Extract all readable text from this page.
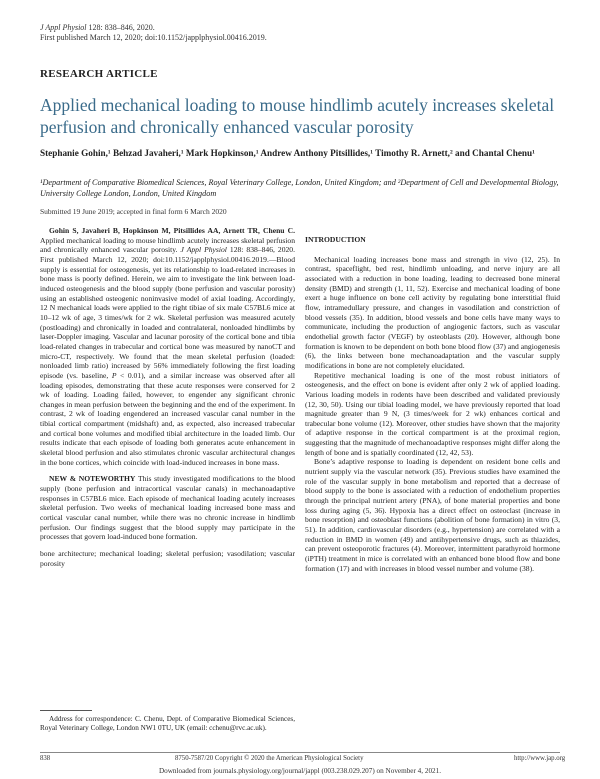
J Appl Physiol 128: 838–846, 2020.
First published March 12, 2020; doi:10.1152/japplphysiol.00416.2019.
RESEARCH ARTICLE
Applied mechanical loading to mouse hindlimb acutely increases skeletal perfusion and chronically enhanced vascular porosity
Stephanie Gohin,¹ Behzad Javaheri,¹ Mark Hopkinson,¹ Andrew Anthony Pitsillides,¹ Timothy R. Arnett,² and Chantal Chenu¹
¹Department of Comparative Biomedical Sciences, Royal Veterinary College, London, United Kingdom; and ²Department of Cell and Developmental Biology, University College London, London, United Kingdom
Submitted 19 June 2019; accepted in final form 6 March 2020

Gohin S, Javaheri B, Hopkinson M, Pitsillides AA, Arnett TR, Chenu C. Applied mechanical loading to mouse hindlimb acutely increases skeletal perfusion and chronically enhanced vascular porosity. J Appl Physiol 128: 838–846, 2020. First published March 12, 2020; doi:10.1152/japplphysiol.00416.2019.—Blood supply is essential for osteogenesis, yet its relationship to load-related increases in bone mass is poorly defined. Herein, we aim to investigate the link between load-induced osteogenesis and the blood supply (bone perfusion and vascular porosity) using an established osteogenic noninvasive model of axial loading. Accordingly, 12 N mechanical loads were applied to the right tibiae of six male C57BL6 mice at 10–12 wk of age, 3 times/wk for 2 wk. Skeletal perfusion was measured acutely (postloading) and chronically in loaded and contralateral, nonloaded hindlimbs by laser-Doppler imaging. Vascular and lacunar porosity of the cortical bone and tibia load-related changes in trabecular and cortical bone was measured by nanoCT and micro-CT, respectively. We found that the mean skeletal perfusion (loaded: nonloaded limb ratio) increased by 56% immediately following the first loading episode (vs. baseline, P < 0.01), and a similar increase was observed after all loading episodes, demonstrating that these acute responses were conserved for 2 wk of loading. Loading failed, however, to engender any significant chronic changes in mean perfusion between the beginning and the end of the experiment. In contrast, 2 wk of loading engendered an increased vascular canal number in the tibial cortical compartment (midshaft) and, as expected, also increased trabecular and cortical bone volumes and modified tibial architecture in the loaded limb. Our results indicate that each episode of loading both generates acute enhancement in skeletal blood perfusion and also stimulates chronic vascular architectural changes in the bone cortices, which coincide with load-induced increases in bone mass.

NEW & NOTEWORTHY This study investigated modifications to the blood supply (bone perfusion and intracortical vascular canals) in mechanoadaptive responses in C57BL6 mice. Each episode of mechanical loading acutely increases skeletal perfusion. Two weeks of mechanical loading increased bone mass and cortical vascular canal number, while there was no chronic increase in hindlimb perfusion. Our findings suggest that the blood supply may participate in the processes that govern load-induced bone formation.

bone architecture; mechanical loading; skeletal perfusion; vasodilation; vascular porosity

Address for correspondence: C. Chenu, Dept. of Comparative Biomedical Sciences, Royal Veterinary College, London NW1 0TU, UK (email: cchenu@rvc.ac.uk).

INTRODUCTION

Mechanical loading increases bone mass and strength in vivo (12, 25). In contrast, spaceflight, bed rest, hindlimb unloading, and nerve injury are all associated with a reduction in bone loading, leading to decreased bone mineral density (BMD) and strength (1, 11, 52). Exercise and mechanical loading of bone exert a huge influence on bone cell activity by regulating bone interstitial fluid flow, intramedullary pressure, and changes in vasodilation and constriction of blood vessels (35). In addition, blood vessels and bone cells have many ways to communicate, including the production of angiogenic factors, such as vascular endothelial growth factor (VEGF) by osteoblasts (20). However, although bone formation is known to be dependent on both bone blood flow (37) and angiogenesis (6), the links between bone mechanoadaptation and the vascular supply modifications in bone are not completely elucidated.

Repetitive mechanical loading is one of the most robust initiators of osteogenesis, and the effect on bone is evident after only 2 wk of applied loading. Various loading models in rodents have been described and validated previously (12, 30, 50). Using our tibial loading model, we have previously reported that load magnitude greater than 9 N, (3 times/week for 2 wk) enhances cortical and trabecular bone volume (12). Moreover, other studies have shown that the majority of adaptive response in the cortical compartment is at the proximal region, suggesting that the magnitude of mechanoadaptive responses might differ along the length of bone and is spatially coordinated (12, 42, 53).

Bone’s adaptive response to loading is dependent on resident bone cells and nutrient supply via the vascular network (35). Previous studies have examined the role of the vascular supply in bone metabolism and reported that a decrease of blood supply to the bone is associated with a reduction of endothelium properties through the principal nutrient artery (PNA), of bone material properties and bone loss during aging (5, 36). Hypoxia has a direct effect on osteoclast (increase in bone resorption) and osteoblast functions (abolition of bone formation) in vitro (3, 51). In addition, cardiovascular disorders (e.g., hypertension) are correlated with a reduction in BMD in women (49) and antihypertensive drugs, such as thiazides, can prevent osteoporotic fractures (4). Moreover, intermittent parathyroid hormone (iPTH) treatment in mice is correlated with an enhanced bone blood flow and bone formation (17) and with increases in blood vessel number and volume (38).

838	8750-7587/20 Copyright © 2020 the American Physiological Society	http://www.jap.org
Downloaded from journals.physiology.org/journal/jappl (003.238.029.207) on November 4, 2021.
